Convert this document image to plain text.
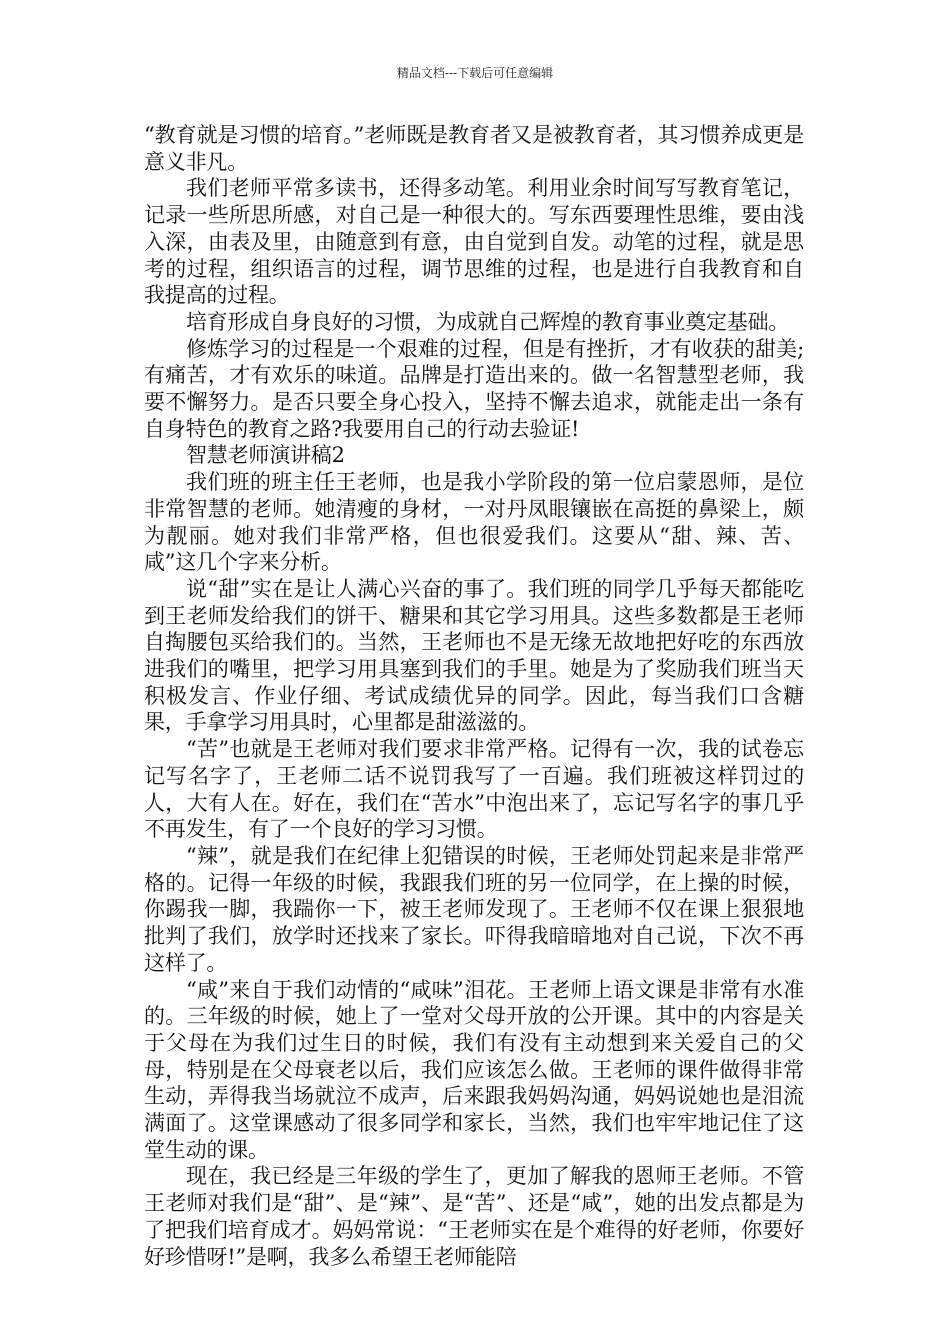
精品文档---下载后可任意编辑

“教育就是习惯的培育。”老师既是教育者又是被教育者，其习惯养成更是意义非凡。

我们老师平常多读书，还得多动笔。利用业余时间写写教育笔记，记录一些所思所感，对自己是一种很大的。写东西要理性思维，要由浅入深，由表及里，由随意到有意，由自觉到自发。动笔的过程，就是思考的过程，组织语言的过程，调节思维的过程，也是进行自我教育和自我提高的过程。

培育形成自身良好的习惯，为成就自己辉煌的教育事业奠定基础。

修炼学习的过程是一个艰难的过程，但是有挫折，才有收获的甜美;有痛苦，才有欢乐的味道。品牌是打造出来的。做一名智慧型老师，我要不懈努力。是否只要全身心投入，坚持不懈去追求，就能走出一条有自身特色的教育之路?我要用自己的行动去验证!

智慧老师演讲稿2

我们班的班主任王老师，也是我小学阶段的第一位启蒙恩师，是位非常智慧的老师。她清瘦的身材，一对丹凤眼镶嵌在高挺的鼻梁上，颇为靓丽。她对我们非常严格，但也很爱我们。这要从“甜、辣、苦、咸”这几个字来分析。

说“甜”实在是让人满心兴奋的事了。我们班的同学几乎每天都能吃到王老师发给我们的饼干、糖果和其它学习用具。这些多数都是王老师自掏腰包买给我们的。当然，王老师也不是无缘无故地把好吃的东西放进我们的嘴里，把学习用具塞到我们的手里。她是为了奖励我们班当天积极发言、作业仔细、考试成绩优异的同学。因此，每当我们口含糖果，手拿学习用具时，心里都是甜滋滋的。

“苦”也就是王老师对我们要求非常严格。记得有一次，我的试卷忘记写名字了，王老师二话不说罚我写了一百遍。我们班被这样罚过的人，大有人在。好在，我们在“苦水”中泡出来了，忘记写名字的事几乎不再发生，有了一个良好的学习习惯。

“辣”，就是我们在纪律上犯错误的时候，王老师处罚起来是非常严格的。记得一年级的时候，我跟我们班的另一位同学，在上操的时候，你踢我一脚，我踹你一下，被王老师发现了。王老师不仅在课上狠狠地批判了我们，放学时还找来了家长。吓得我暗暗地对自己说，下次不再这样了。

“咸”来自于我们动情的“咸味”泪花。王老师上语文课是非常有水准的。三年级的时候，她上了一堂对父母开放的公开课。其中的内容是关于父母在为我们过生日的时候，我们有没有主动想到来关爱自己的父母，特别是在父母衰老以后，我们应该怎么做。王老师的课件做得非常生动，弄得我当场就泣不成声，后来跟我妈妈沟通，妈妈说她也是泪流满面了。这堂课感动了很多同学和家长，当然，我们也牢牢地记住了这堂生动的课。

现在，我已经是三年级的学生了，更加了解我的恩师王老师。不管王老师对我们是“甜”、是“辣”、是“苦”、还是“咸”，她的出发点都是为了把我们培育成才。妈妈常说：“王老师实在是个难得的好老师，你要好好珍惜呀!”是啊，我多么希望王老师能陪
